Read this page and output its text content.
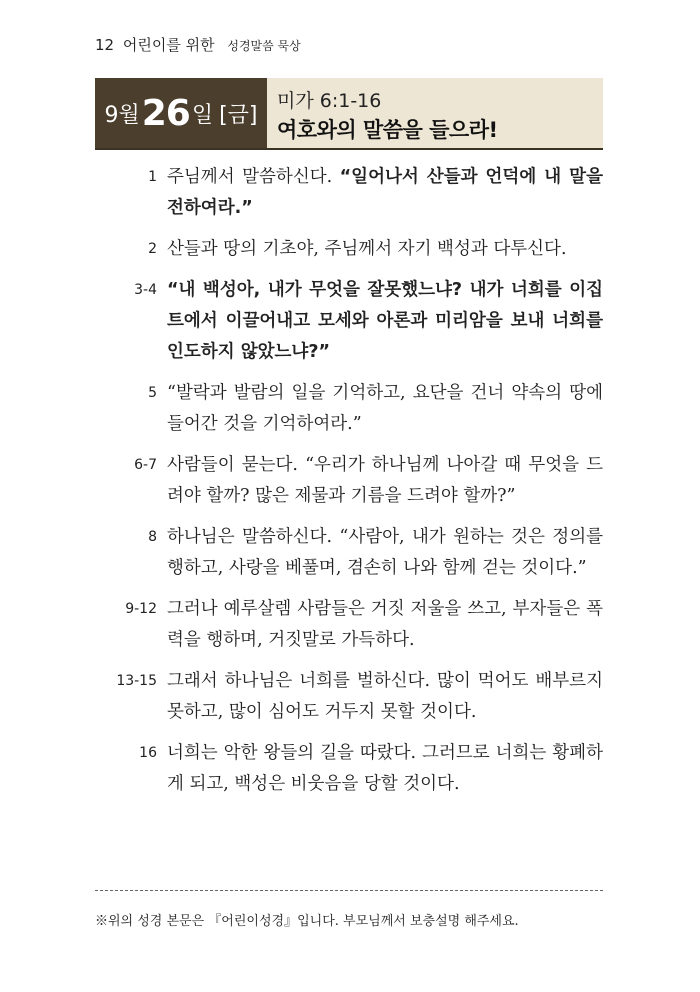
12 어린이를 위한 성경말씀 묵상
9월 26 일 [금]
미가 6:1-16
여호와의 말씀을 들으라!
1 주님께서 말씀하신다. “일어나서 산들과 언덕에 내 말을 전하여라.”
2 산들과 땅의 기초야, 주님께서 자기 백성과 다투신다.
3-4 “내 백성아, 내가 무엇을 잘못했느냐? 내가 너희를 이집트에서 이끌어내고 모세와 아론과 미리암을 보내 너희를 인도하지 않았느냐?”
5 “발락과 발람의 일을 기억하고, 요단을 건너 약속의 땅에 들어간 것을 기억하여라.”
6-7 사람들이 묻는다. “우리가 하나님께 나아갈 때 무엇을 드려야 할까? 많은 제물과 기름을 드려야 할까?”
8 하나님은 말씀하신다. “사람아, 내가 원하는 것은 정의를 행하고, 사랑을 베풀며, 겸손히 나와 함께 걷는 것이다.”
9-12 그러나 예루살렘 사람들은 거짓 저울을 쓰고, 부자들은 폭력을 행하며, 거짓말로 가득하다.
13-15 그래서 하나님은 너희를 벌하신다. 많이 먹어도 배부르지 못하고, 많이 심어도 거두지 못할 것이다.
16 너희는 악한 왕들의 길을 따랐다. 그러므로 너희는 황폐하게 되고, 백성은 비웃음을 당할 것이다.
※위의 성경 본문은 『어린이성경』입니다. 부모님께서 보충설명 해주세요.
